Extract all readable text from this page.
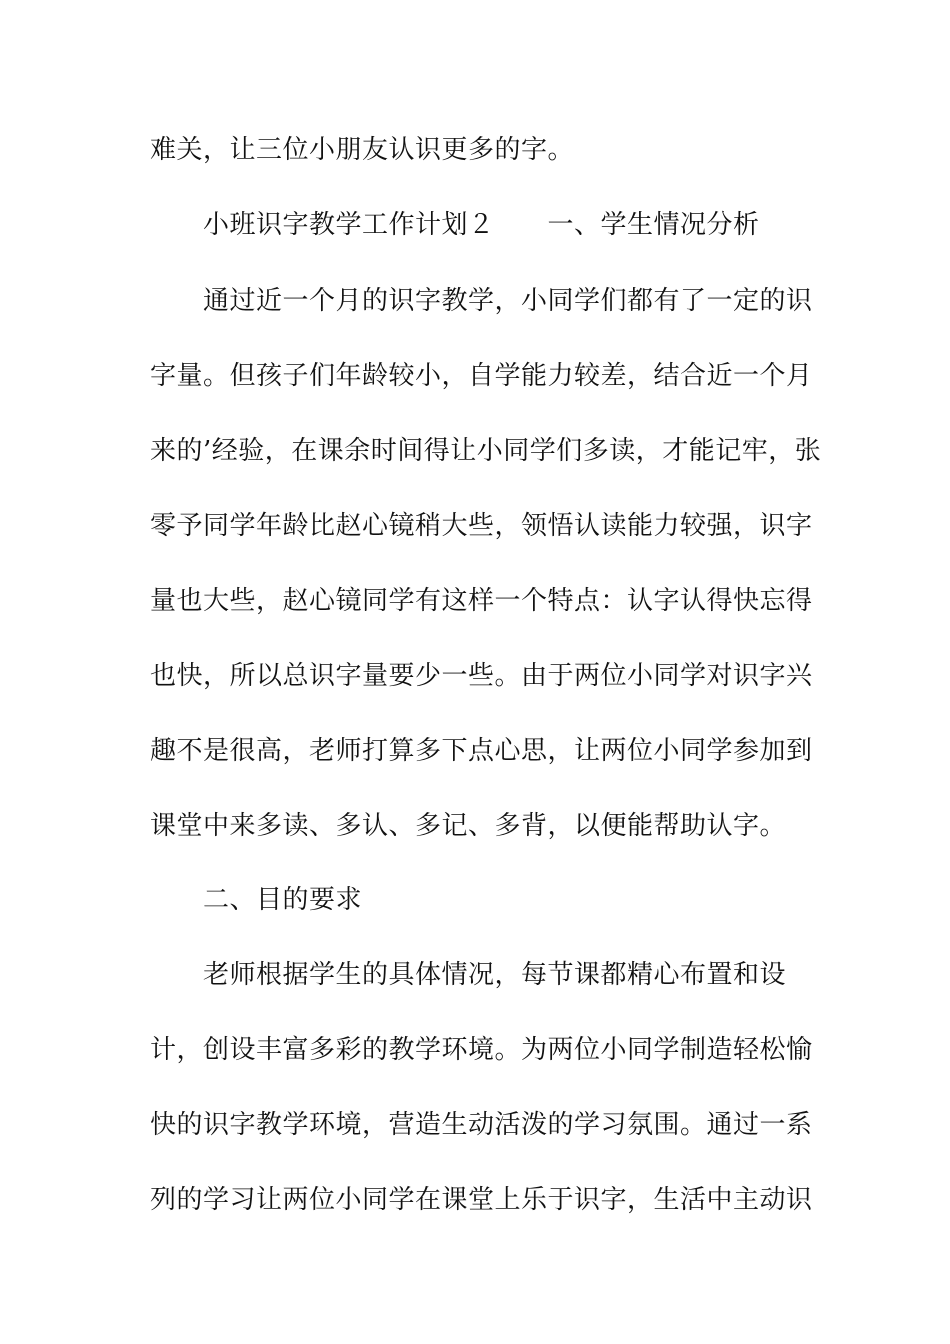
难关，让三位小朋友认识更多的字。
小班识字教学工作计划２　　一、学生情况分析
通过近一个月的识字教学，小同学们都有了一定的识
字量。但孩子们年龄较小，自学能力较差，结合近一个月
来的’经验，在课余时间得让小同学们多读，才能记牢，张
零予同学年龄比赵心镜稍大些，领悟认读能力较强，识字
量也大些，赵心镜同学有这样一个特点：认字认得快忘得
也快，所以总识字量要少一些。由于两位小同学对识字兴
趣不是很高，老师打算多下点心思，让两位小同学参加到
课堂中来多读、多认、多记、多背，以便能帮助认字。
二、目的要求
老师根据学生的具体情况，每节课都精心布置和设
计，创设丰富多彩的教学环境。为两位小同学制造轻松愉
快的识字教学环境，营造生动活泼的学习氛围。通过一系
列的学习让两位小同学在课堂上乐于识字，生活中主动识
